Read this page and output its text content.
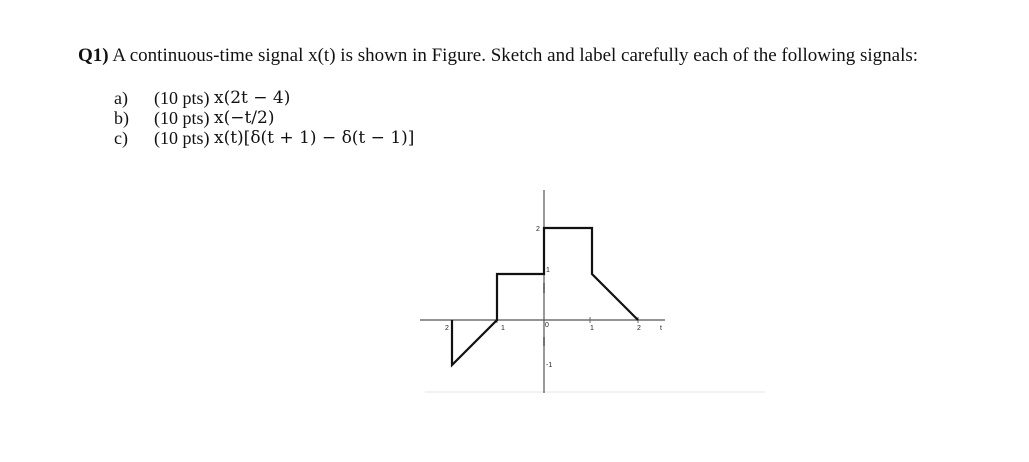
Q1) A continuous-time signal x(t) is shown in Figure. Sketch and label carefully each of the following signals:
a)	(10 pts)
x(2t − 4)
b)	(10 pts)
x(−t/2)
c)	(10 pts)
x(t)[δ(t + 1) − δ(t − 1)]
2
1
-1
2	1	0	1	2	t
